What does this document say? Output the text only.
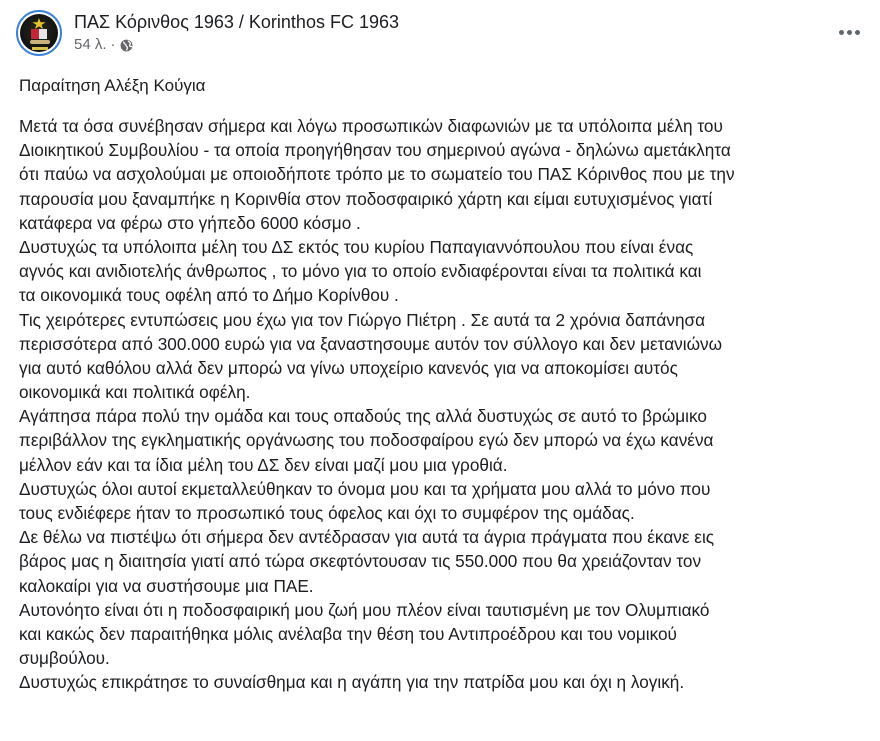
ΠΑΣ Κόρινθος 1963 / Korinthos FC 1963
54 λ. ·
Παραίτηση Αλέξη Κούγια
Μετά τα όσα συνέβησαν σήμερα και λόγω προσωπικών διαφωνιών με τα υπόλοιπα μέλη του
Διοικητικού Συμβουλίου - τα οποία προηγήθησαν του σημερινού αγώνα - δηλώνω αμετάκλητα
ότι παύω να ασχολούμαι με οποιοδήποτε τρόπο με το σωματείο του ΠΑΣ Κόρινθος που με την
παρουσία μου ξαναμπήκε η Κορινθία στον ποδοσφαιρικό χάρτη και είμαι ευτυχισμένος γιατί
κατάφερα να φέρω στο γήπεδο 6000 κόσμο .
Δυστυχώς τα υπόλοιπα μέλη του ΔΣ εκτός του κυρίου Παπαγιαννόπουλου που είναι ένας
αγνός και ανιδιοτελής άνθρωπος , το μόνο για το οποίο ενδιαφέρονται είναι τα πολιτικά και
τα οικονομικά τους οφέλη από το Δήμο Κορίνθου .
Τις χειρότερες εντυπώσεις μου έχω για τον Γιώργο Πιέτρη . Σε αυτά τα 2 χρόνια δαπάνησα
περισσότερα από 300.000 ευρώ για να ξαναστησουμε αυτόν τον σύλλογο και δεν μετανιώνω
για αυτό καθόλου αλλά δεν μπορώ να γίνω υποχείριο κανενός για να αποκομίσει αυτός
οικονομικά και πολιτικά οφέλη.
Αγάπησα πάρα πολύ την ομάδα και τους οπαδούς της αλλά δυστυχώς σε αυτό το βρώμικο
περιβάλλον της εγκληματικής οργάνωσης του ποδοσφαίρου εγώ δεν μπορώ να έχω κανένα
μέλλον εάν και τα ίδια μέλη του ΔΣ δεν είναι μαζί μου μια γροθιά.
Δυστυχώς όλοι αυτοί εκμεταλλεύθηκαν το όνομα μου και τα χρήματα μου αλλά το μόνο που
τους ενδιέφερε ήταν το προσωπικό τους όφελος και όχι το συμφέρον της ομάδας.
Δε θέλω να πιστέψω ότι σήμερα δεν αντέδρασαν για αυτά τα άγρια πράγματα που έκανε εις
βάρος μας η διαιτησία γιατί από τώρα σκεφτόντουσαν τις 550.000 που θα χρειάζονταν τον
καλοκαίρι για να συστήσουμε μια ΠΑΕ.
Αυτονόητο είναι ότι η ποδοσφαιρική μου ζωή μου πλέον είναι ταυτισμένη με τον Ολυμπιακό
και κακώς δεν παραιτήθηκα μόλις ανέλαβα την θέση του Αντιπροέδρου και του νομικού
συμβούλου.
Δυστυχώς επικράτησε το συναίσθημα και η αγάπη για την πατρίδα μου και όχι η λογική.
